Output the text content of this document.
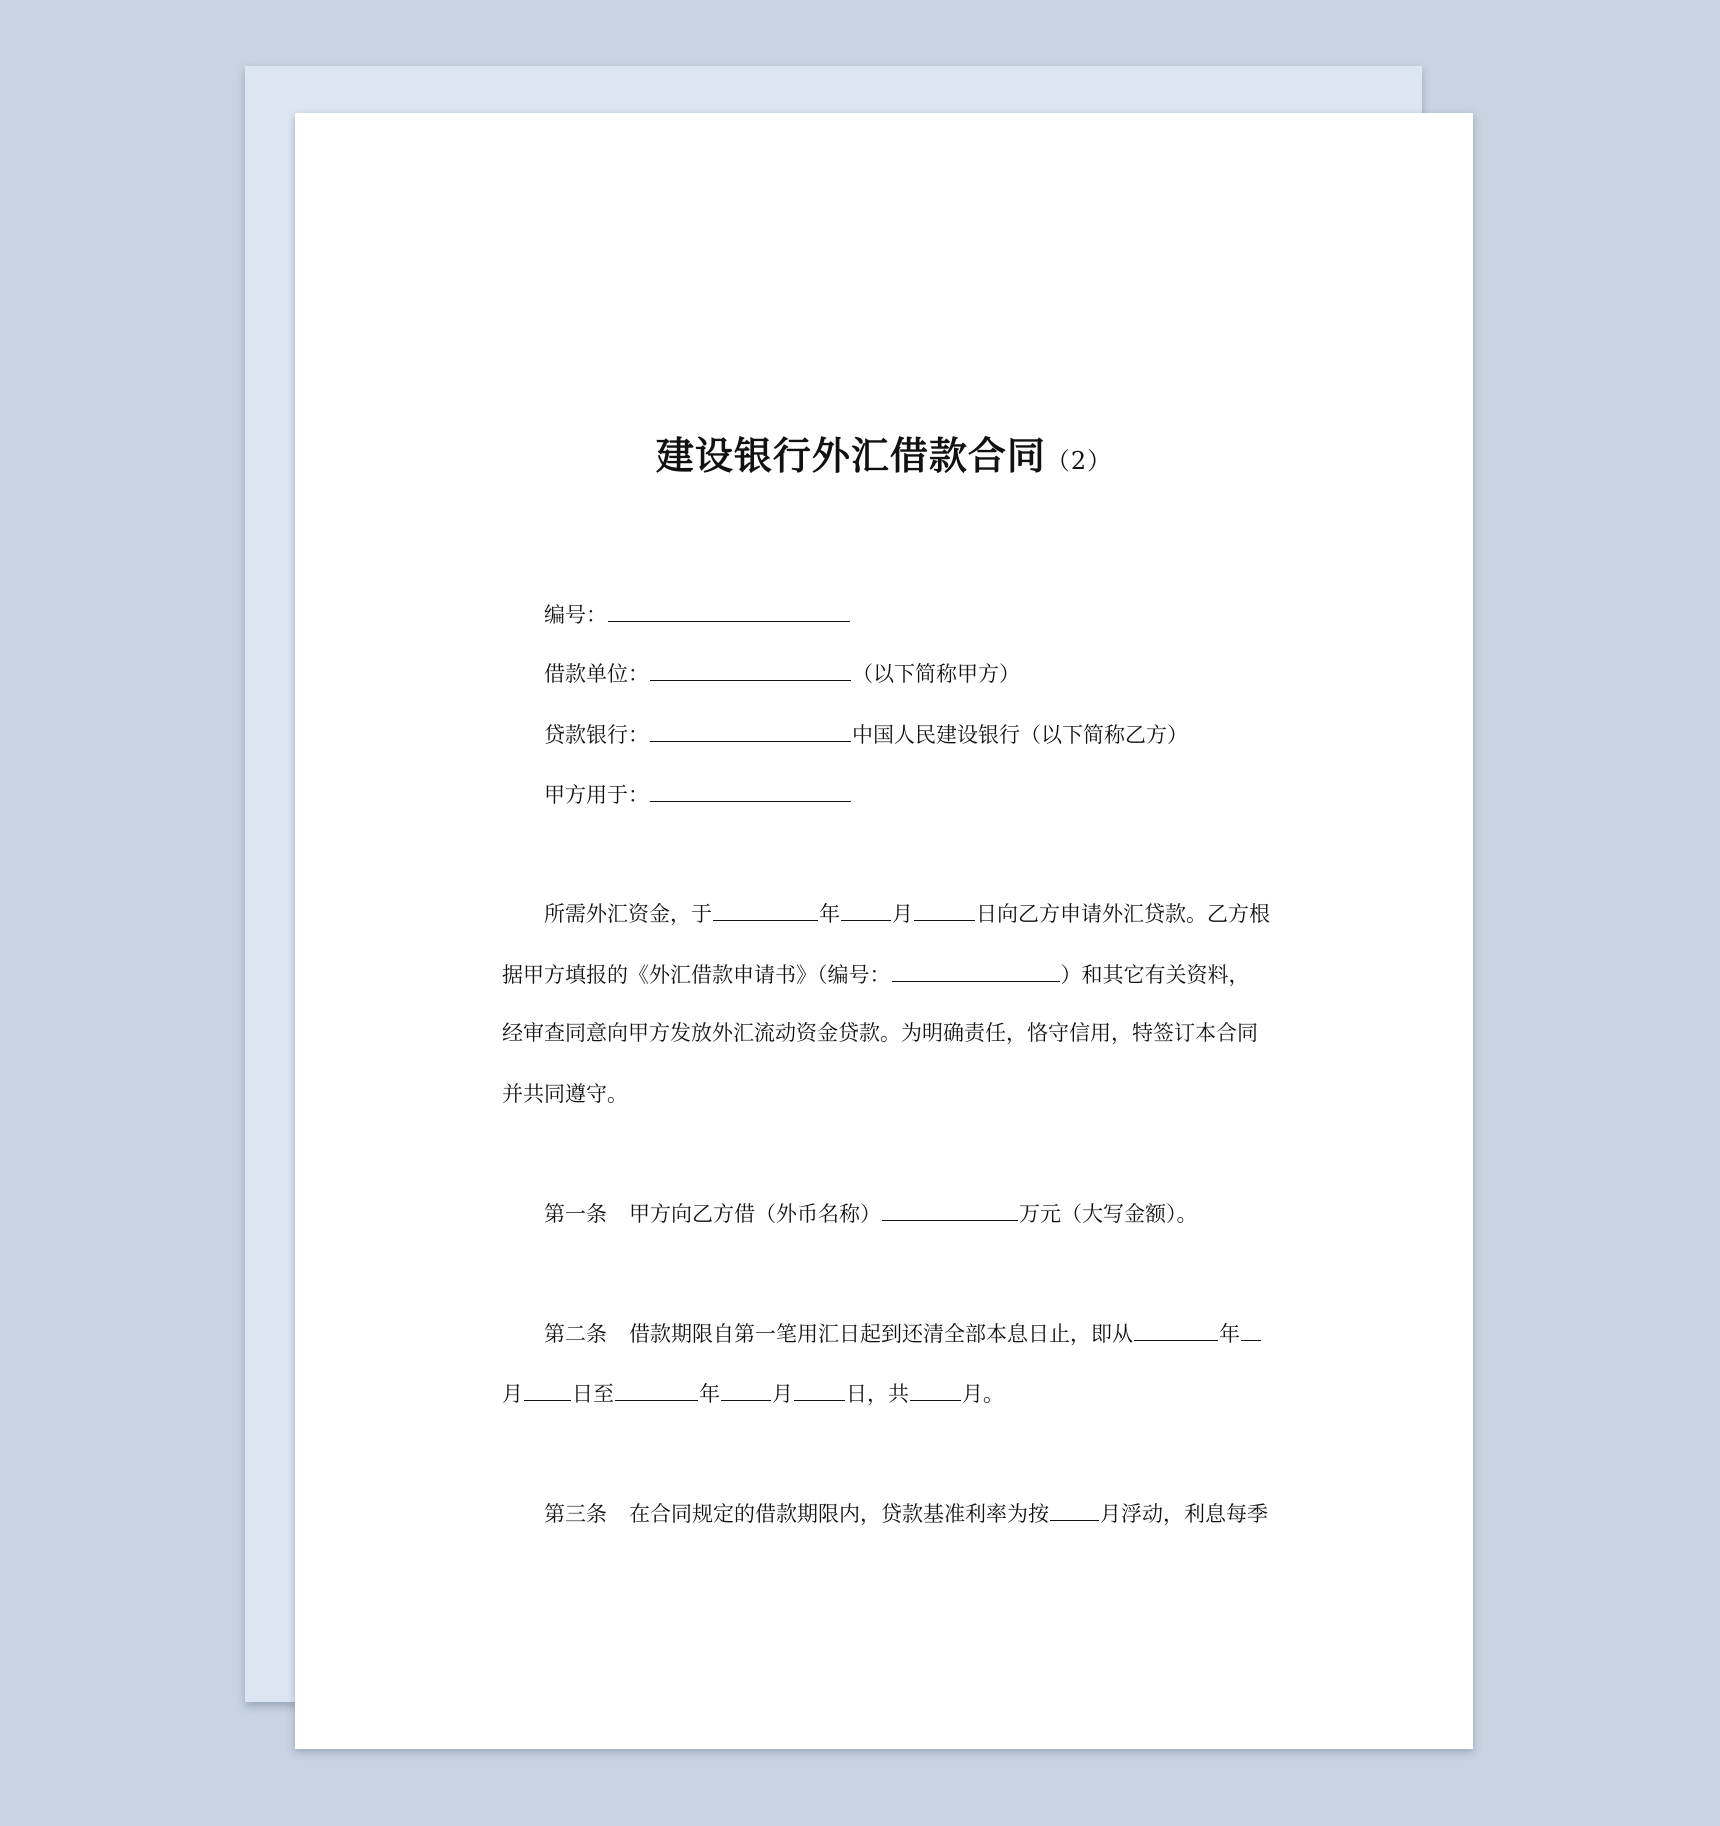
建设银行外汇借款合同（2）
编号：
借款单位：	（以下简称甲方）
贷款银行：	中国人民建设银行（以下简称乙方）
甲方用于：
所需外汇资金，于	年 月	日向乙方申请外汇贷款。乙方根
据甲方填报的《外汇借款申请书》（编号：	）和其它有关资料，
经审查同意向甲方发放外汇流动资金贷款。为明确责任，恪守信用，特签订本合同
并共同遵守。
第一条 甲方向乙方借（外币名称）	万元（大写金额）。
第二条 借款期限自第一笔用汇日起到还清全部本息日止，即从	年
月 日至	年 月	日，共	月。
第三条 在合同规定的借款期限内，贷款基准利率为按 月浮动，利息每季
